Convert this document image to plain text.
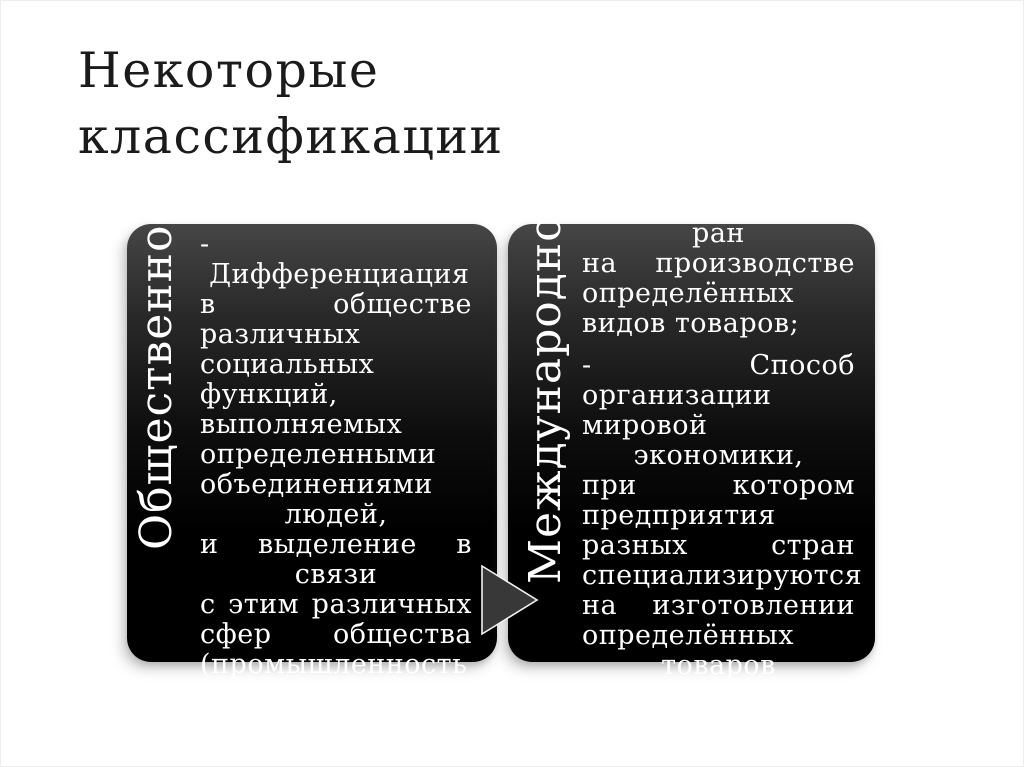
Некоторые классификации
Общественное -
Дифференциация
в	обществе
различных
социальных
функций,
выполняемых
определенными
объединениями
людей,
и выделение в
связи
с этим различных
сфер общества
(промышленность
Международное	ран
на производстве
определённых
видов товаров;
-	Способ
организации
мировой
экономики,
при	котором
предприятия
разных	стран
специализируются
на изготовлении
определённых
товаров
